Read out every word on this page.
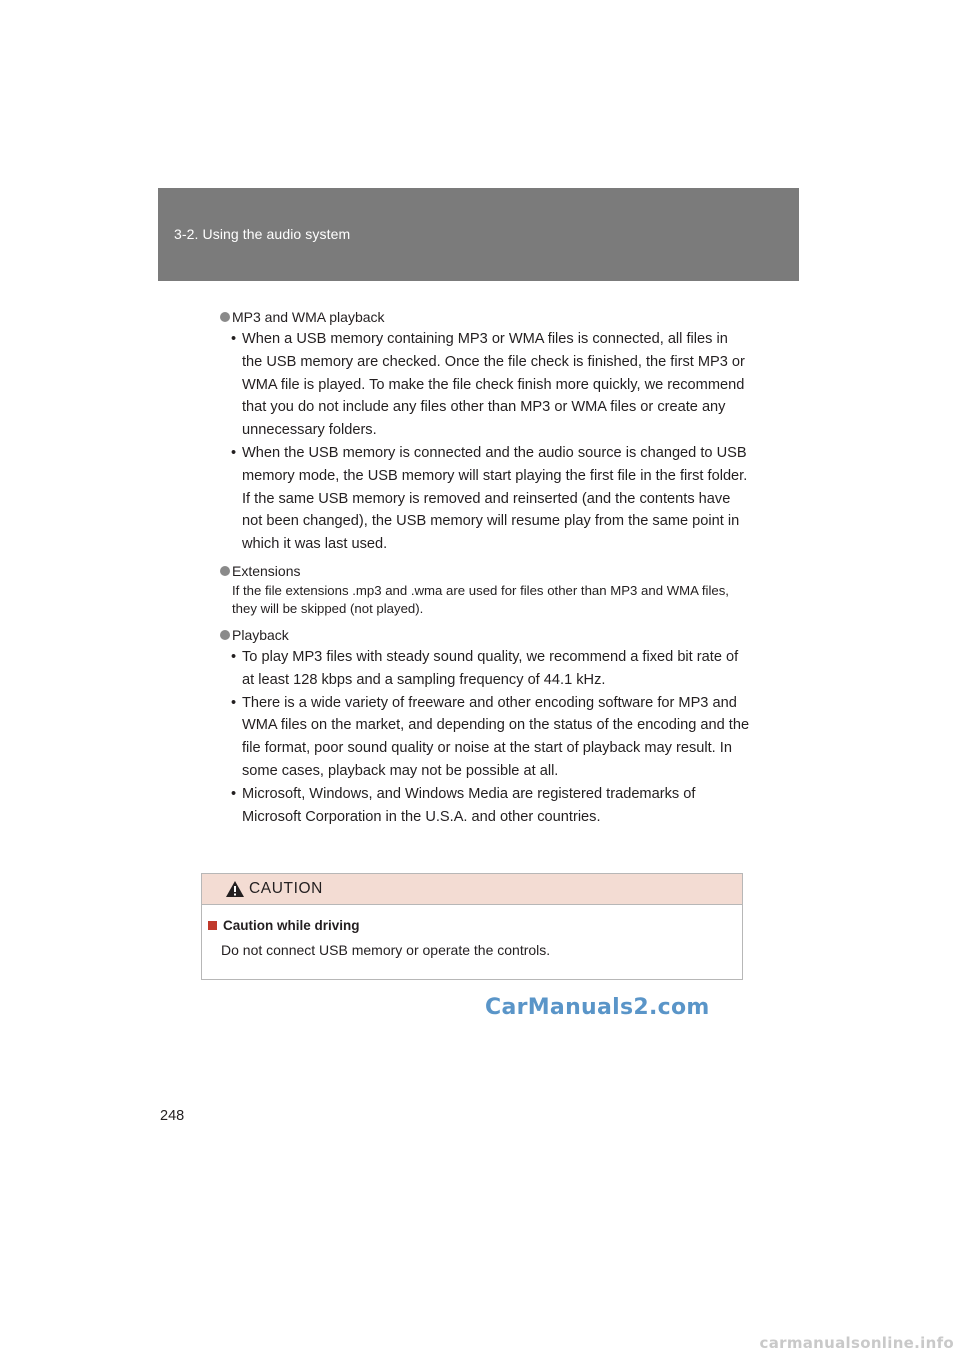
3-2. Using the audio system
MP3 and WMA playback
• When a USB memory containing MP3 or WMA files is connected, all files in the USB memory are checked. Once the file check is finished, the first MP3 or WMA file is played. To make the file check finish more quickly, we recommend that you do not include any files other than MP3 or WMA files or create any unnecessary folders.
• When the USB memory is connected and the audio source is changed to USB memory mode, the USB memory will start playing the first file in the first folder. If the same USB memory is removed and reinserted (and the contents have not been changed), the USB memory will resume play from the same point in which it was last used.
Extensions
If the file extensions .mp3 and .wma are used for files other than MP3 and WMA files, they will be skipped (not played).
Playback
• To play MP3 files with steady sound quality, we recommend a fixed bit rate of at least 128 kbps and a sampling frequency of 44.1 kHz.
• There is a wide variety of freeware and other encoding software for MP3 and WMA files on the market, and depending on the status of the encoding and the file format, poor sound quality or noise at the start of playback may result. In some cases, playback may not be possible at all.
• Microsoft, Windows, and Windows Media are registered trademarks of Microsoft Corporation in the U.S.A. and other countries.
CAUTION
Caution while driving
Do not connect USB memory or operate the controls.
CarManuals2.com
248
carmanualsonline.info
